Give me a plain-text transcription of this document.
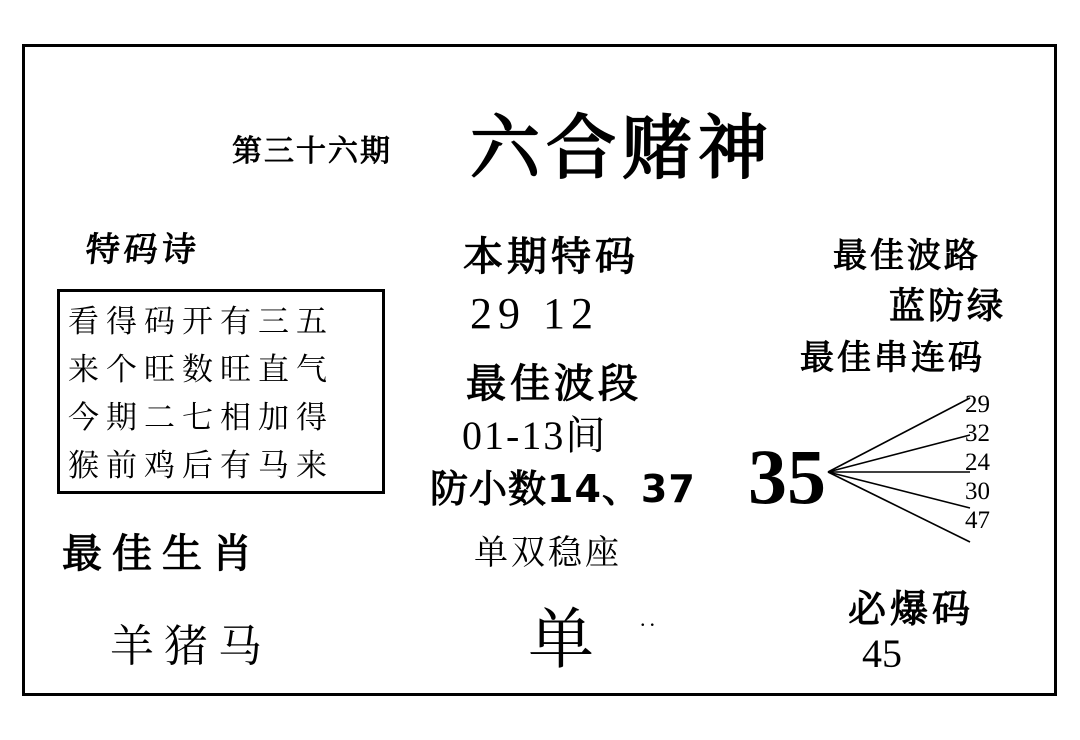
第三十六期 六合赌神
特码诗
看得码开有三五
来个旺数旺直气
今期二七相加得
猴前鸡后有马来
最佳生肖
羊猪马
本期特码
29 12
最佳波段
01-13间
防小数14、37
单双稳座
单 ..
35
最佳波路
蓝防绿
最佳串连码
29
32
24
30
47
必爆码
45
